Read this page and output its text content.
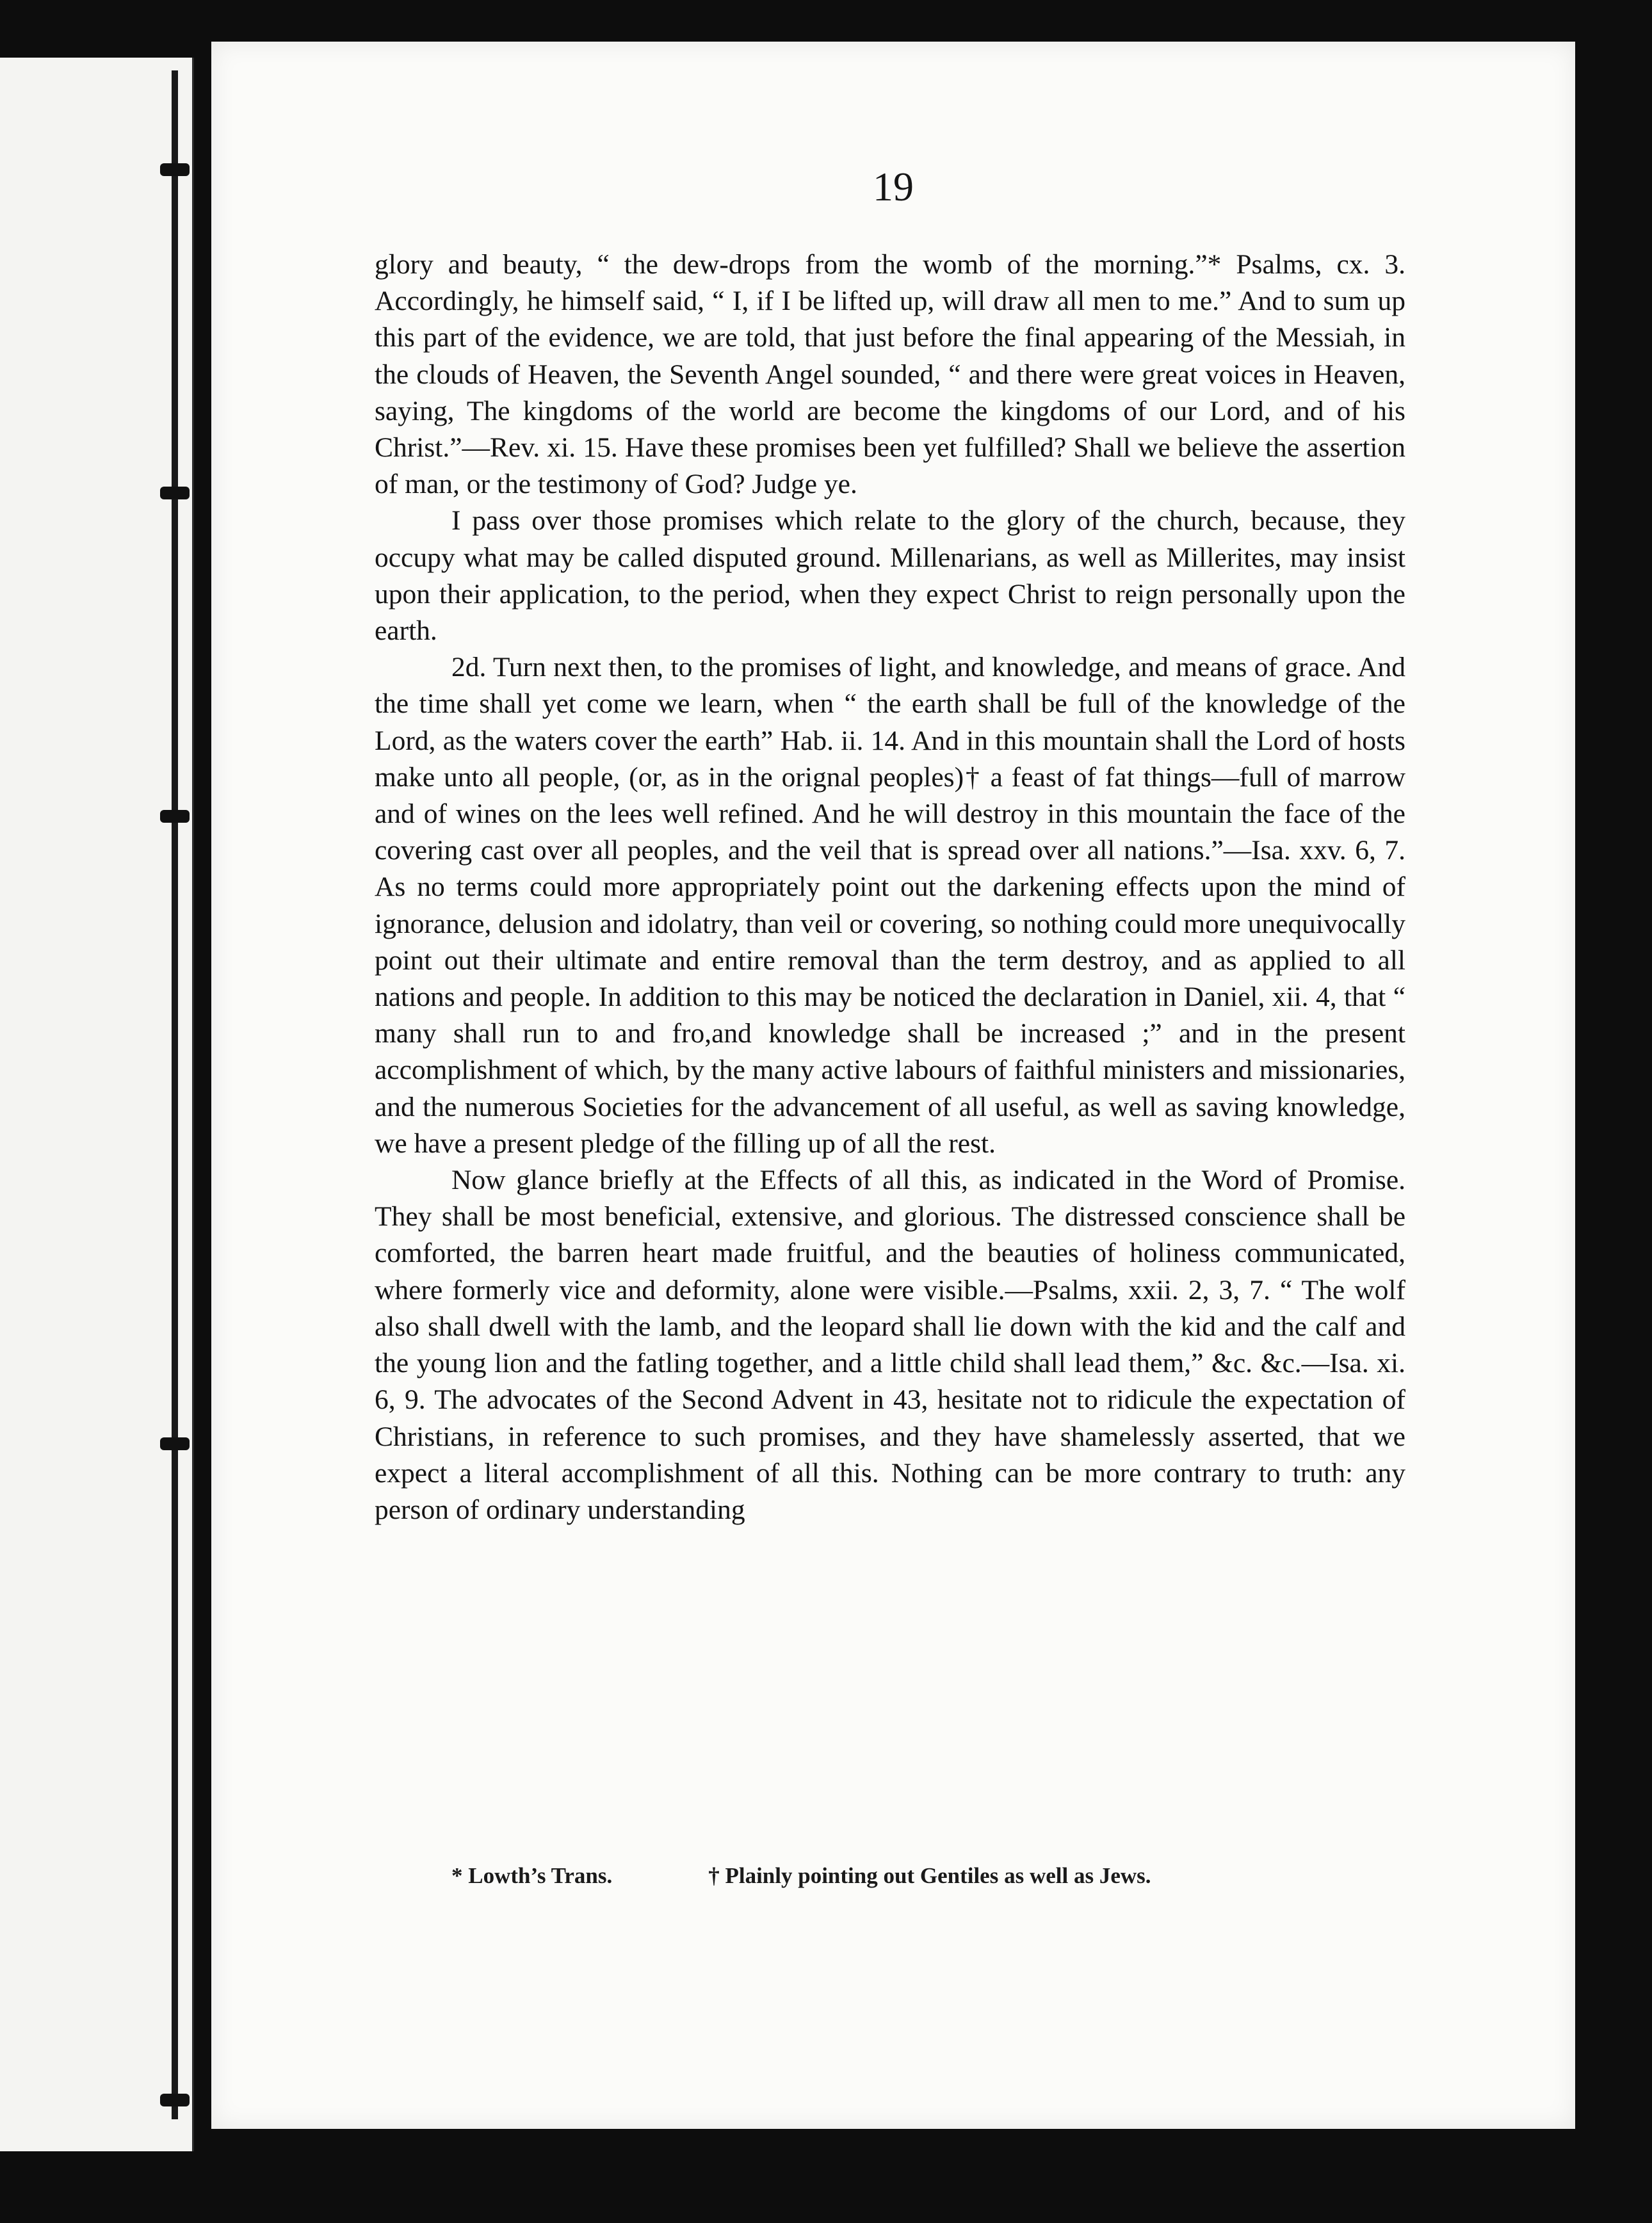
19

glory and beauty, “ the dew-drops from the womb of the morning.”* Psalms, cx. 3. Accordingly, he himself said, “ I, if I be lifted up, will draw all men to me.” And to sum up this part of the evidence, we are told, that just before the final appearing of the Messiah, in the clouds of Heaven, the Seventh Angel sounded, “ and there were great voices in Heaven, saying, The kingdoms of the world are become the kingdoms of our Lord, and of his Christ.”—Rev. xi. 15. Have these promises been yet fulfilled? Shall we believe the assertion of man, or the testimony of God? Judge ye.

I pass over those promises which relate to the glory of the church, because, they occupy what may be called disputed ground. Millenarians, as well as Millerites, may insist upon their application, to the period, when they expect Christ to reign personally upon the earth.

2d. Turn next then, to the promises of light, and knowledge, and means of grace. And the time shall yet come we learn, when “ the earth shall be full of the knowledge of the Lord, as the waters cover the earth” Hab. ii. 14. And in this mountain shall the Lord of hosts make unto all people, (or, as in the orignal peoples)† a feast of fat things—full of marrow and of wines on the lees well refined. And he will destroy in this mountain the face of the covering cast over all peoples, and the veil that is spread over all nations.”—Isa. xxv. 6, 7. As no terms could more appropriately point out the darkening effects upon the mind of ignorance, delusion and idolatry, than veil or covering, so nothing could more unequivocally point out their ultimate and entire removal than the term destroy, and as applied to all nations and people. In addition to this may be noticed the declaration in Daniel, xii. 4, that “ many shall run to and fro,and knowledge shall be increased ;” and in the present accomplishment of which, by the many active labours of faithful ministers and missionaries, and the numerous Societies for the advancement of all useful, as well as saving knowledge, we have a present pledge of the filling up of all the rest.

Now glance briefly at the Effects of all this, as indicated in the Word of Promise. They shall be most beneficial, extensive, and glorious. The distressed conscience shall be comforted, the barren heart made fruitful, and the beauties of holiness communicated, where formerly vice and deformity, alone were visible.—Psalms, xxii. 2, 3, 7. “ The wolf also shall dwell with the lamb, and the leopard shall lie down with the kid and the calf and the young lion and the fatling together, and a little child shall lead them,” &c. &c.—Isa. xi. 6, 9. The advocates of the Second Advent in 43, hesitate not to ridicule the expectation of Christians, in reference to such promises, and they have shamelessly asserted, that we expect a literal accomplishment of all this. Nothing can be more contrary to truth: any person of ordinary understanding

* Lowth’s Trans.	† Plainly pointing out Gentiles as well as Jews.
